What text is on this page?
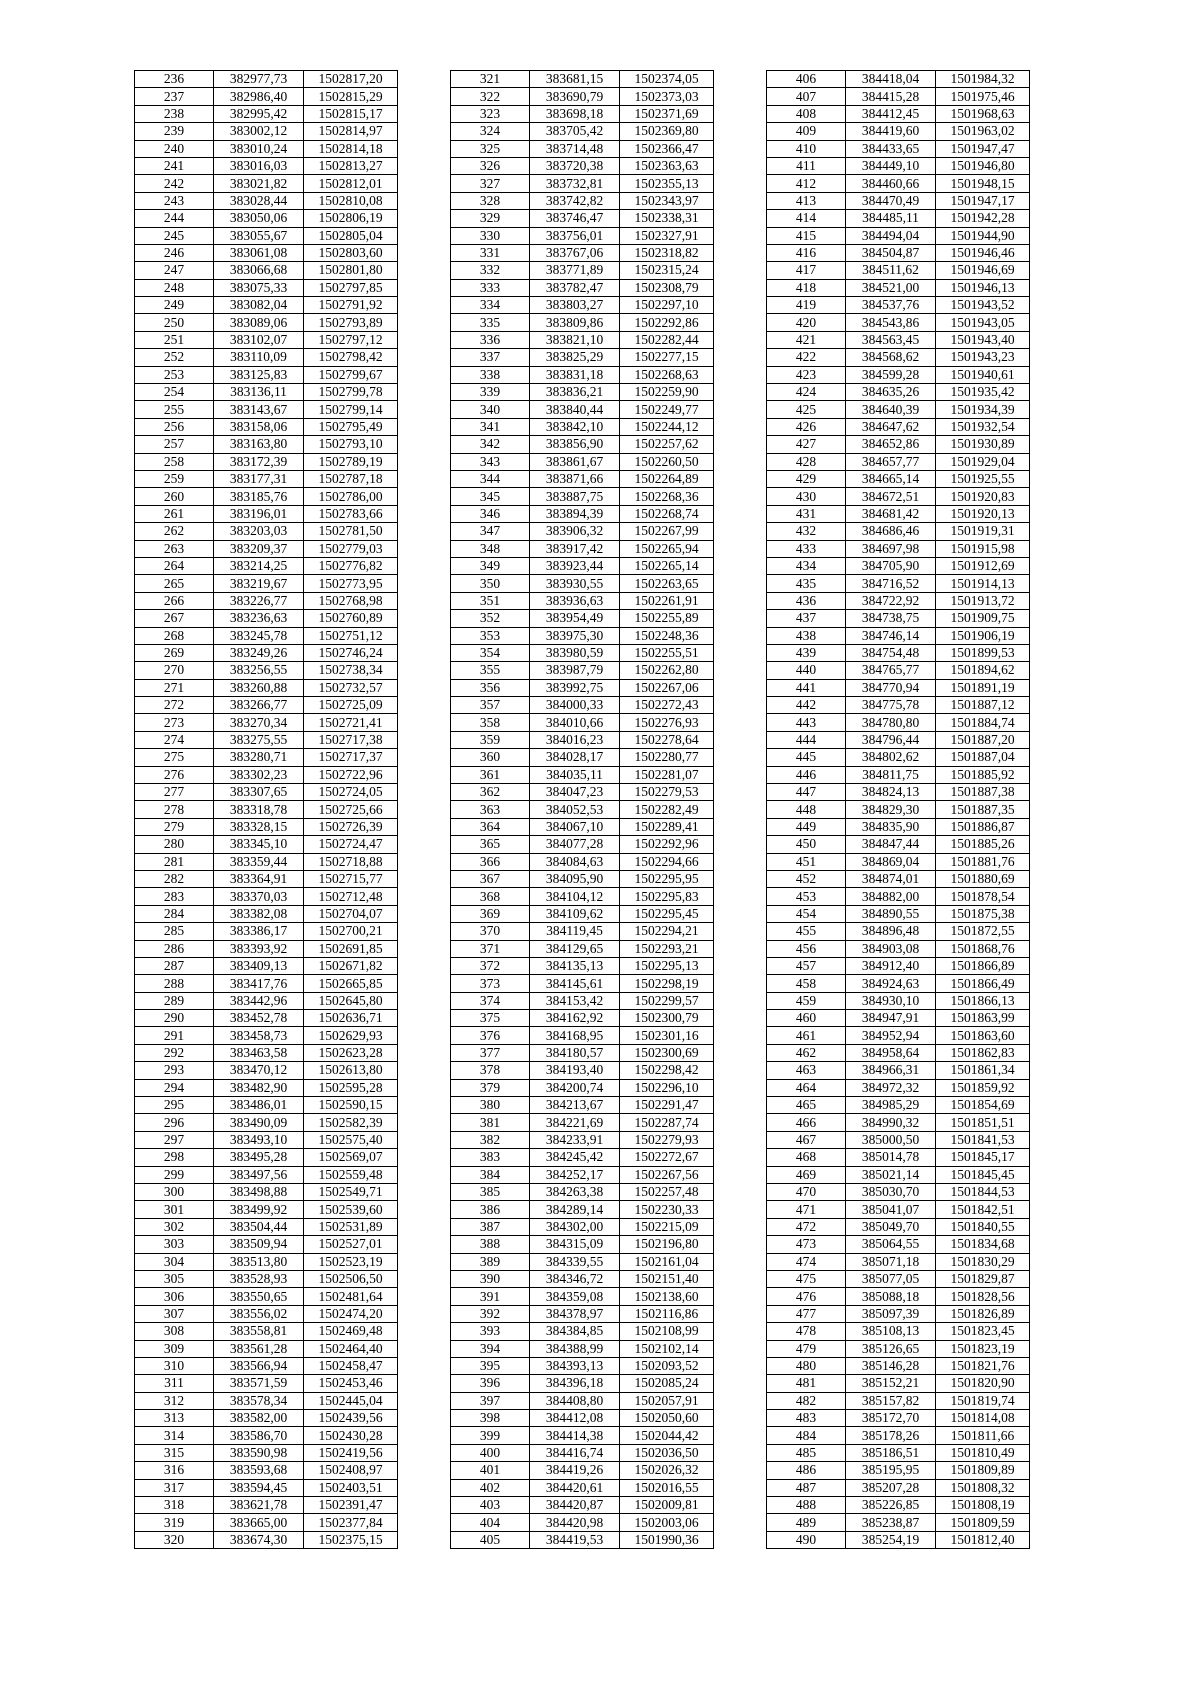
236	382977,73	1502817,20
237	382986,40	1502815,29
238	382995,42	1502815,17
239	383002,12	1502814,97
240	383010,24	1502814,18
241	383016,03	1502813,27
242	383021,82	1502812,01
243	383028,44	1502810,08
244	383050,06	1502806,19
245	383055,67	1502805,04
246	383061,08	1502803,60
247	383066,68	1502801,80
248	383075,33	1502797,85
249	383082,04	1502791,92
250	383089,06	1502793,89
251	383102,07	1502797,12
252	383110,09	1502798,42
253	383125,83	1502799,67
254	383136,11	1502799,78
255	383143,67	1502799,14
256	383158,06	1502795,49
257	383163,80	1502793,10
258	383172,39	1502789,19
259	383177,31	1502787,18
260	383185,76	1502786,00
261	383196,01	1502783,66
262	383203,03	1502781,50
263	383209,37	1502779,03
264	383214,25	1502776,82
265	383219,67	1502773,95
266	383226,77	1502768,98
267	383236,63	1502760,89
268	383245,78	1502751,12
269	383249,26	1502746,24
270	383256,55	1502738,34
271	383260,88	1502732,57
272	383266,77	1502725,09
273	383270,34	1502721,41
274	383275,55	1502717,38
275	383280,71	1502717,37
276	383302,23	1502722,96
277	383307,65	1502724,05
278	383318,78	1502725,66
279	383328,15	1502726,39
280	383345,10	1502724,47
281	383359,44	1502718,88
282	383364,91	1502715,77
283	383370,03	1502712,48
284	383382,08	1502704,07
285	383386,17	1502700,21
286	383393,92	1502691,85
287	383409,13	1502671,82
288	383417,76	1502665,85
289	383442,96	1502645,80
290	383452,78	1502636,71
291	383458,73	1502629,93
292	383463,58	1502623,28
293	383470,12	1502613,80
294	383482,90	1502595,28
295	383486,01	1502590,15
296	383490,09	1502582,39
297	383493,10	1502575,40
298	383495,28	1502569,07
299	383497,56	1502559,48
300	383498,88	1502549,71
301	383499,92	1502539,60
302	383504,44	1502531,89
303	383509,94	1502527,01
304	383513,80	1502523,19
305	383528,93	1502506,50
306	383550,65	1502481,64
307	383556,02	1502474,20
308	383558,81	1502469,48
309	383561,28	1502464,40
310	383566,94	1502458,47
311	383571,59	1502453,46
312	383578,34	1502445,04
313	383582,00	1502439,56
314	383586,70	1502430,28
315	383590,98	1502419,56
316	383593,68	1502408,97
317	383594,45	1502403,51
318	383621,78	1502391,47
319	383665,00	1502377,84
320	383674,30	1502375,15
321	383681,15	1502374,05
322	383690,79	1502373,03
323	383698,18	1502371,69
324	383705,42	1502369,80
325	383714,48	1502366,47
326	383720,38	1502363,63
327	383732,81	1502355,13
328	383742,82	1502343,97
329	383746,47	1502338,31
330	383756,01	1502327,91
331	383767,06	1502318,82
332	383771,89	1502315,24
333	383782,47	1502308,79
334	383803,27	1502297,10
335	383809,86	1502292,86
336	383821,10	1502282,44
337	383825,29	1502277,15
338	383831,18	1502268,63
339	383836,21	1502259,90
340	383840,44	1502249,77
341	383842,10	1502244,12
342	383856,90	1502257,62
343	383861,67	1502260,50
344	383871,66	1502264,89
345	383887,75	1502268,36
346	383894,39	1502268,74
347	383906,32	1502267,99
348	383917,42	1502265,94
349	383923,44	1502265,14
350	383930,55	1502263,65
351	383936,63	1502261,91
352	383954,49	1502255,89
353	383975,30	1502248,36
354	383980,59	1502255,51
355	383987,79	1502262,80
356	383992,75	1502267,06
357	384000,33	1502272,43
358	384010,66	1502276,93
359	384016,23	1502278,64
360	384028,17	1502280,77
361	384035,11	1502281,07
362	384047,23	1502279,53
363	384052,53	1502282,49
364	384067,10	1502289,41
365	384077,28	1502292,96
366	384084,63	1502294,66
367	384095,90	1502295,95
368	384104,12	1502295,83
369	384109,62	1502295,45
370	384119,45	1502294,21
371	384129,65	1502293,21
372	384135,13	1502295,13
373	384145,61	1502298,19
374	384153,42	1502299,57
375	384162,92	1502300,79
376	384168,95	1502301,16
377	384180,57	1502300,69
378	384193,40	1502298,42
379	384200,74	1502296,10
380	384213,67	1502291,47
381	384221,69	1502287,74
382	384233,91	1502279,93
383	384245,42	1502272,67
384	384252,17	1502267,56
385	384263,38	1502257,48
386	384289,14	1502230,33
387	384302,00	1502215,09
388	384315,09	1502196,80
389	384339,55	1502161,04
390	384346,72	1502151,40
391	384359,08	1502138,60
392	384378,97	1502116,86
393	384384,85	1502108,99
394	384388,99	1502102,14
395	384393,13	1502093,52
396	384396,18	1502085,24
397	384408,80	1502057,91
398	384412,08	1502050,60
399	384414,38	1502044,42
400	384416,74	1502036,50
401	384419,26	1502026,32
402	384420,61	1502016,55
403	384420,87	1502009,81
404	384420,98	1502003,06
405	384419,53	1501990,36
406	384418,04	1501984,32
407	384415,28	1501975,46
408	384412,45	1501968,63
409	384419,60	1501963,02
410	384433,65	1501947,47
411	384449,10	1501946,80
412	384460,66	1501948,15
413	384470,49	1501947,17
414	384485,11	1501942,28
415	384494,04	1501944,90
416	384504,87	1501946,46
417	384511,62	1501946,69
418	384521,00	1501946,13
419	384537,76	1501943,52
420	384543,86	1501943,05
421	384563,45	1501943,40
422	384568,62	1501943,23
423	384599,28	1501940,61
424	384635,26	1501935,42
425	384640,39	1501934,39
426	384647,62	1501932,54
427	384652,86	1501930,89
428	384657,77	1501929,04
429	384665,14	1501925,55
430	384672,51	1501920,83
431	384681,42	1501920,13
432	384686,46	1501919,31
433	384697,98	1501915,98
434	384705,90	1501912,69
435	384716,52	1501914,13
436	384722,92	1501913,72
437	384738,75	1501909,75
438	384746,14	1501906,19
439	384754,48	1501899,53
440	384765,77	1501894,62
441	384770,94	1501891,19
442	384775,78	1501887,12
443	384780,80	1501884,74
444	384796,44	1501887,20
445	384802,62	1501887,04
446	384811,75	1501885,92
447	384824,13	1501887,38
448	384829,30	1501887,35
449	384835,90	1501886,87
450	384847,44	1501885,26
451	384869,04	1501881,76
452	384874,01	1501880,69
453	384882,00	1501878,54
454	384890,55	1501875,38
455	384896,48	1501872,55
456	384903,08	1501868,76
457	384912,40	1501866,89
458	384924,63	1501866,49
459	384930,10	1501866,13
460	384947,91	1501863,99
461	384952,94	1501863,60
462	384958,64	1501862,83
463	384966,31	1501861,34
464	384972,32	1501859,92
465	384985,29	1501854,69
466	384990,32	1501851,51
467	385000,50	1501841,53
468	385014,78	1501845,17
469	385021,14	1501845,45
470	385030,70	1501844,53
471	385041,07	1501842,51
472	385049,70	1501840,55
473	385064,55	1501834,68
474	385071,18	1501830,29
475	385077,05	1501829,87
476	385088,18	1501828,56
477	385097,39	1501826,89
478	385108,13	1501823,45
479	385126,65	1501823,19
480	385146,28	1501821,76
481	385152,21	1501820,90
482	385157,82	1501819,74
483	385172,70	1501814,08
484	385178,26	1501811,66
485	385186,51	1501810,49
486	385195,95	1501809,89
487	385207,28	1501808,32
488	385226,85	1501808,19
489	385238,87	1501809,59
490	385254,19	1501812,40
